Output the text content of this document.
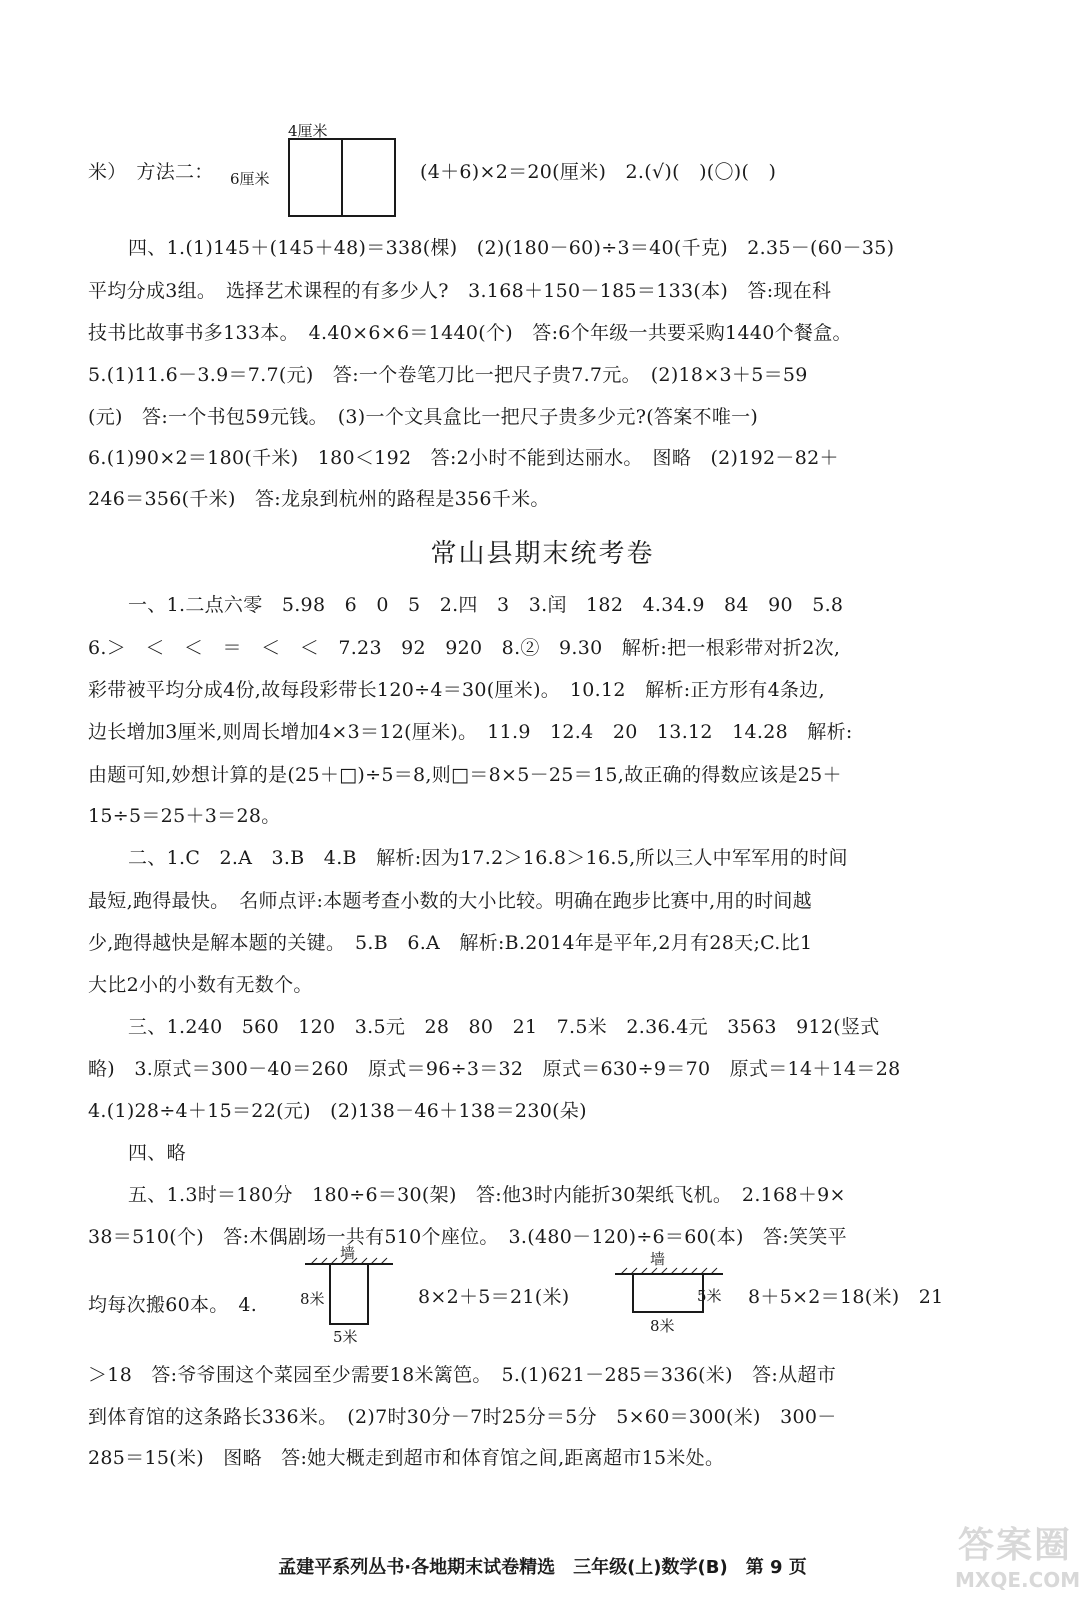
4厘米
6厘米
米）　方法二：	(4＋6)×2＝20(厘米)　2.(√)(　)(〇)(　)
四、1.(1)145＋(145＋48)＝338(棵)　(2)(180－60)÷3＝40(千克)　2.35－(60－35)
平均分成3组。　选择艺术课程的有多少人?　3.168＋150－185＝133(本)　答:现在科
技书比故事书多133本。　4.40×6×6＝1440(个)　答:6个年级一共要采购1440个餐盒。
5.(1)11.6－3.9＝7.7(元)　答:一个卷笔刀比一把尺子贵7.7元。　(2)18×3＋5＝59
(元)　答:一个书包59元钱。　(3)一个文具盒比一把尺子贵多少元?(答案不唯一)
6.(1)90×2＝180(千米)　180＜192　答:2小时不能到达丽水。　图略　(2)192－82＋
246＝356(千米)　答:龙泉到杭州的路程是356千米。
常山县期末统考卷
一、1.二点六零　5.98　6　0　5　2.四　3　3.闰　182　4.34.9　84　90　5.8
6.＞　＜　＜　＝　＜　＜　7.23　92　920　8.②　9.30　解析:把一根彩带对折2次,
彩带被平均分成4份,故每段彩带长120÷4＝30(厘米)。　10.12　解析:正方形有4条边,
边长增加3厘米,则周长增加4×3＝12(厘米)。　11.9　12.4　20　13.12　14.28　解析:
由题可知,妙想计算的是(25＋□)÷5＝8,则□＝8×5－25＝15,故正确的得数应该是25＋
15÷5＝25＋3＝28。
二、1.C　2.A　3.B　4.B　解析:因为17.2＞16.8＞16.5,所以三人中军军用的时间
最短,跑得最快。　名师点评:本题考查小数的大小比较。明确在跑步比赛中,用的时间越
少,跑得越快是解本题的关键。　5.B　6.A　解析:B.2014年是平年,2月有28天;C.比1
大比2小的小数有无数个。
三、1.240　560　120　3.5元　28　80　21　7.5米　2.36.4元　3563　912(竖式
略)　3.原式＝300－40＝260　原式＝96÷3＝32　原式＝630÷9＝70　原式＝14＋14＝28
4.(1)28÷4＋15＝22(元)　(2)138－46＋138＝230(朵)
四、略
五、1.3时＝180分　180÷6＝30(架)　答:他3时内能折30架纸飞机。　2.168＋9×
38＝510(个)　答:木偶剧场一共有510个座位。　3.(480－120)÷6＝60(本)　答:笑笑平
均每次搬60本。　4.
墙
8米
5米
8×2＋5＝21(米)
墙
5米
8米
8＋5×2＝18(米)　21
＞18　答:爷爷围这个菜园至少需要18米篱笆。　5.(1)621－285＝336(米)　答:从超市
到体育馆的这条路长336米。　(2)7时30分－7时25分＝5分　5×60＝300(米)　300－
285＝15(米)　图略　答:她大概走到超市和体育馆之间,距离超市15米处。
孟建平系列丛书·各地期末试卷精选　三年级(上)数学(B)　第 9 页
答案圈
MXQE.COM
